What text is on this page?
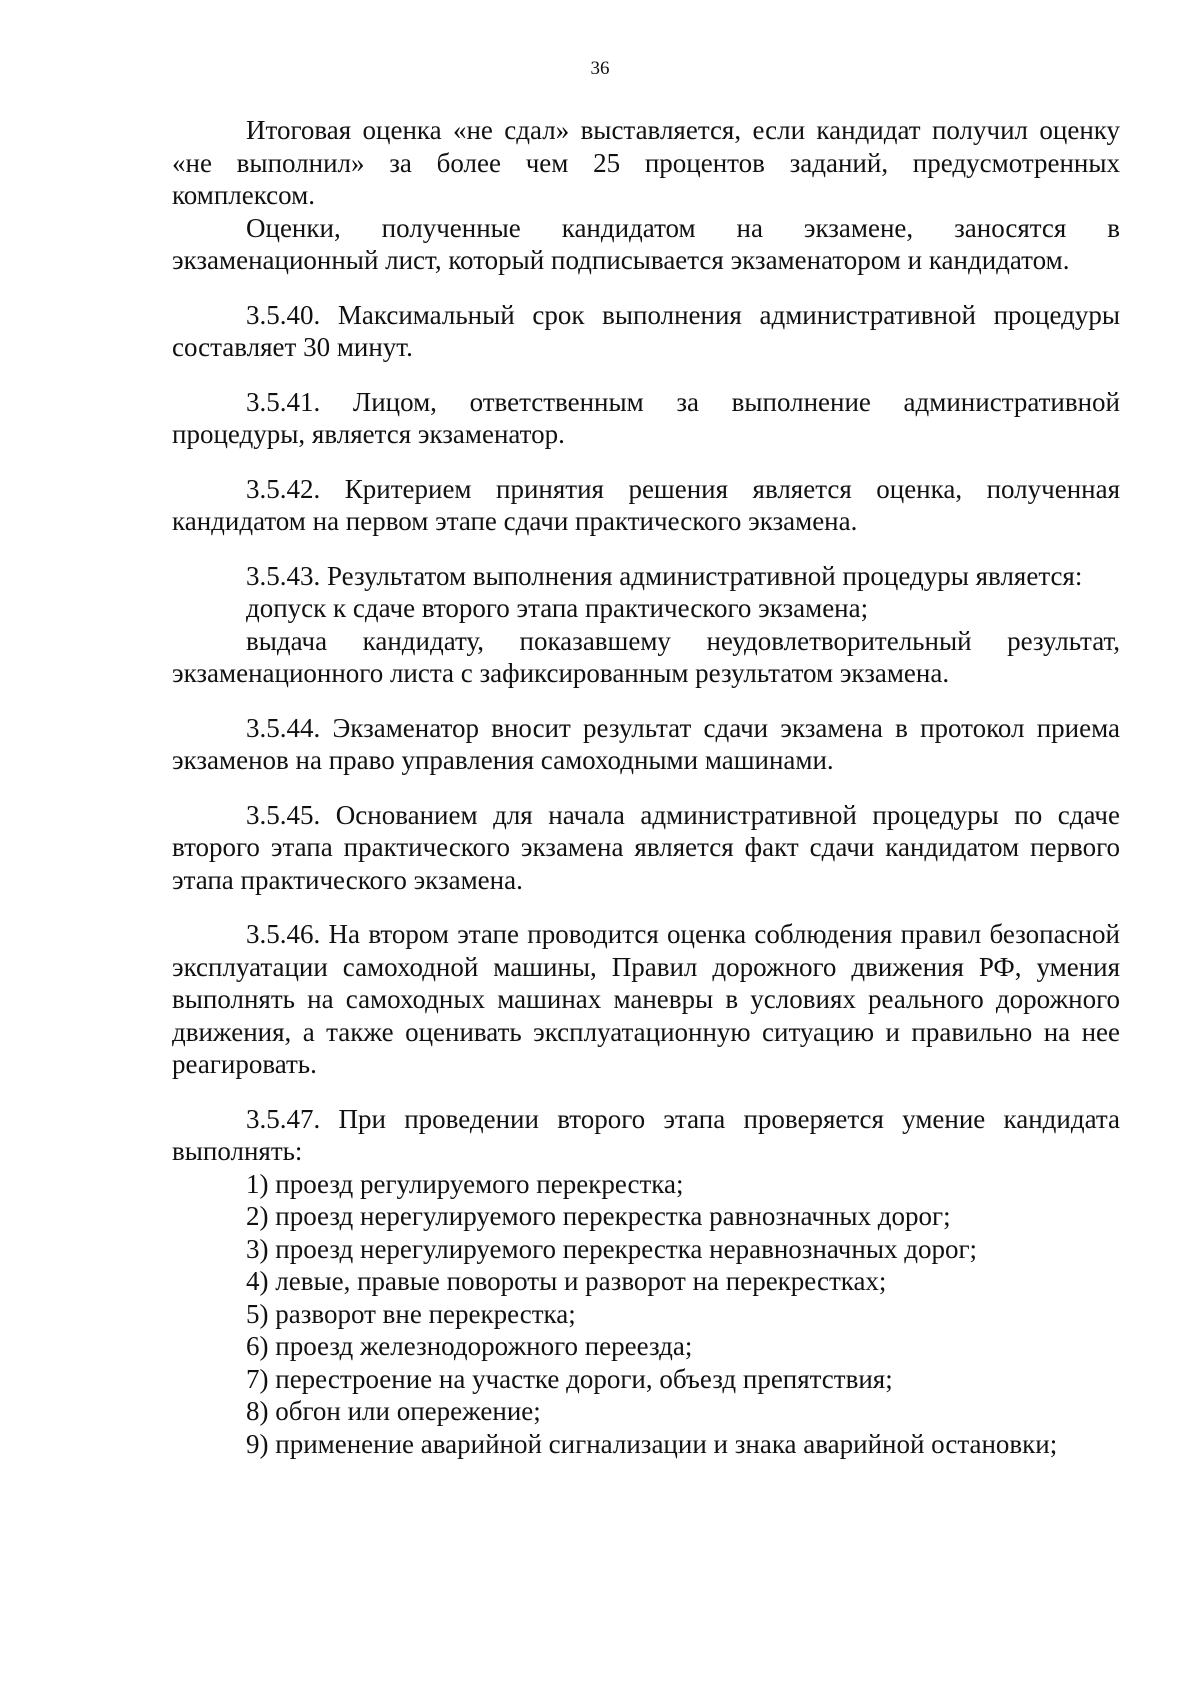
36

Итоговая оценка «не сдал» выставляется, если кандидат получил оценку «не выполнил» за более чем 25 процентов заданий, предусмотренных комплексом.

Оценки, полученные кандидатом на экзамене, заносятся в экзаменационный лист, который подписывается экзаменатором и кандидатом.

3.5.40. Максимальный срок выполнения административной процедуры составляет 30 минут.

3.5.41. Лицом, ответственным за выполнение административной процедуры, является экзаменатор.

3.5.42. Критерием принятия решения является оценка, полученная кандидатом на первом этапе сдачи практического экзамена.

3.5.43. Результатом выполнения административной процедуры является:

допуск к сдаче второго этапа практического экзамена;

выдача кандидату, показавшему неудовлетворительный результат, экзаменационного листа с зафиксированным результатом экзамена.

3.5.44. Экзаменатор вносит результат сдачи экзамена в протокол приема экзаменов на право управления самоходными машинами.

3.5.45. Основанием для начала административной процедуры по сдаче второго этапа практического экзамена является факт сдачи кандидатом первого этапа практического экзамена.

3.5.46. На втором этапе проводится оценка соблюдения правил безопасной эксплуатации самоходной машины, Правил дорожного движения РФ, умения выполнять на самоходных машинах маневры в условиях реального дорожного движения, а также оценивать эксплуатационную ситуацию и правильно на нее реагировать.

3.5.47. При проведении второго этапа проверяется умение кандидата выполнять:

1) проезд регулируемого перекрестка;

2) проезд нерегулируемого перекрестка равнозначных дорог;

3) проезд нерегулируемого перекрестка неравнозначных дорог;

4) левые, правые повороты и разворот на перекрестках;

5) разворот вне перекрестка;

6) проезд железнодорожного переезда;

7) перестроение на участке дороги, объезд препятствия;

8) обгон или опережение;

9) применение аварийной сигнализации и знака аварийной остановки;
